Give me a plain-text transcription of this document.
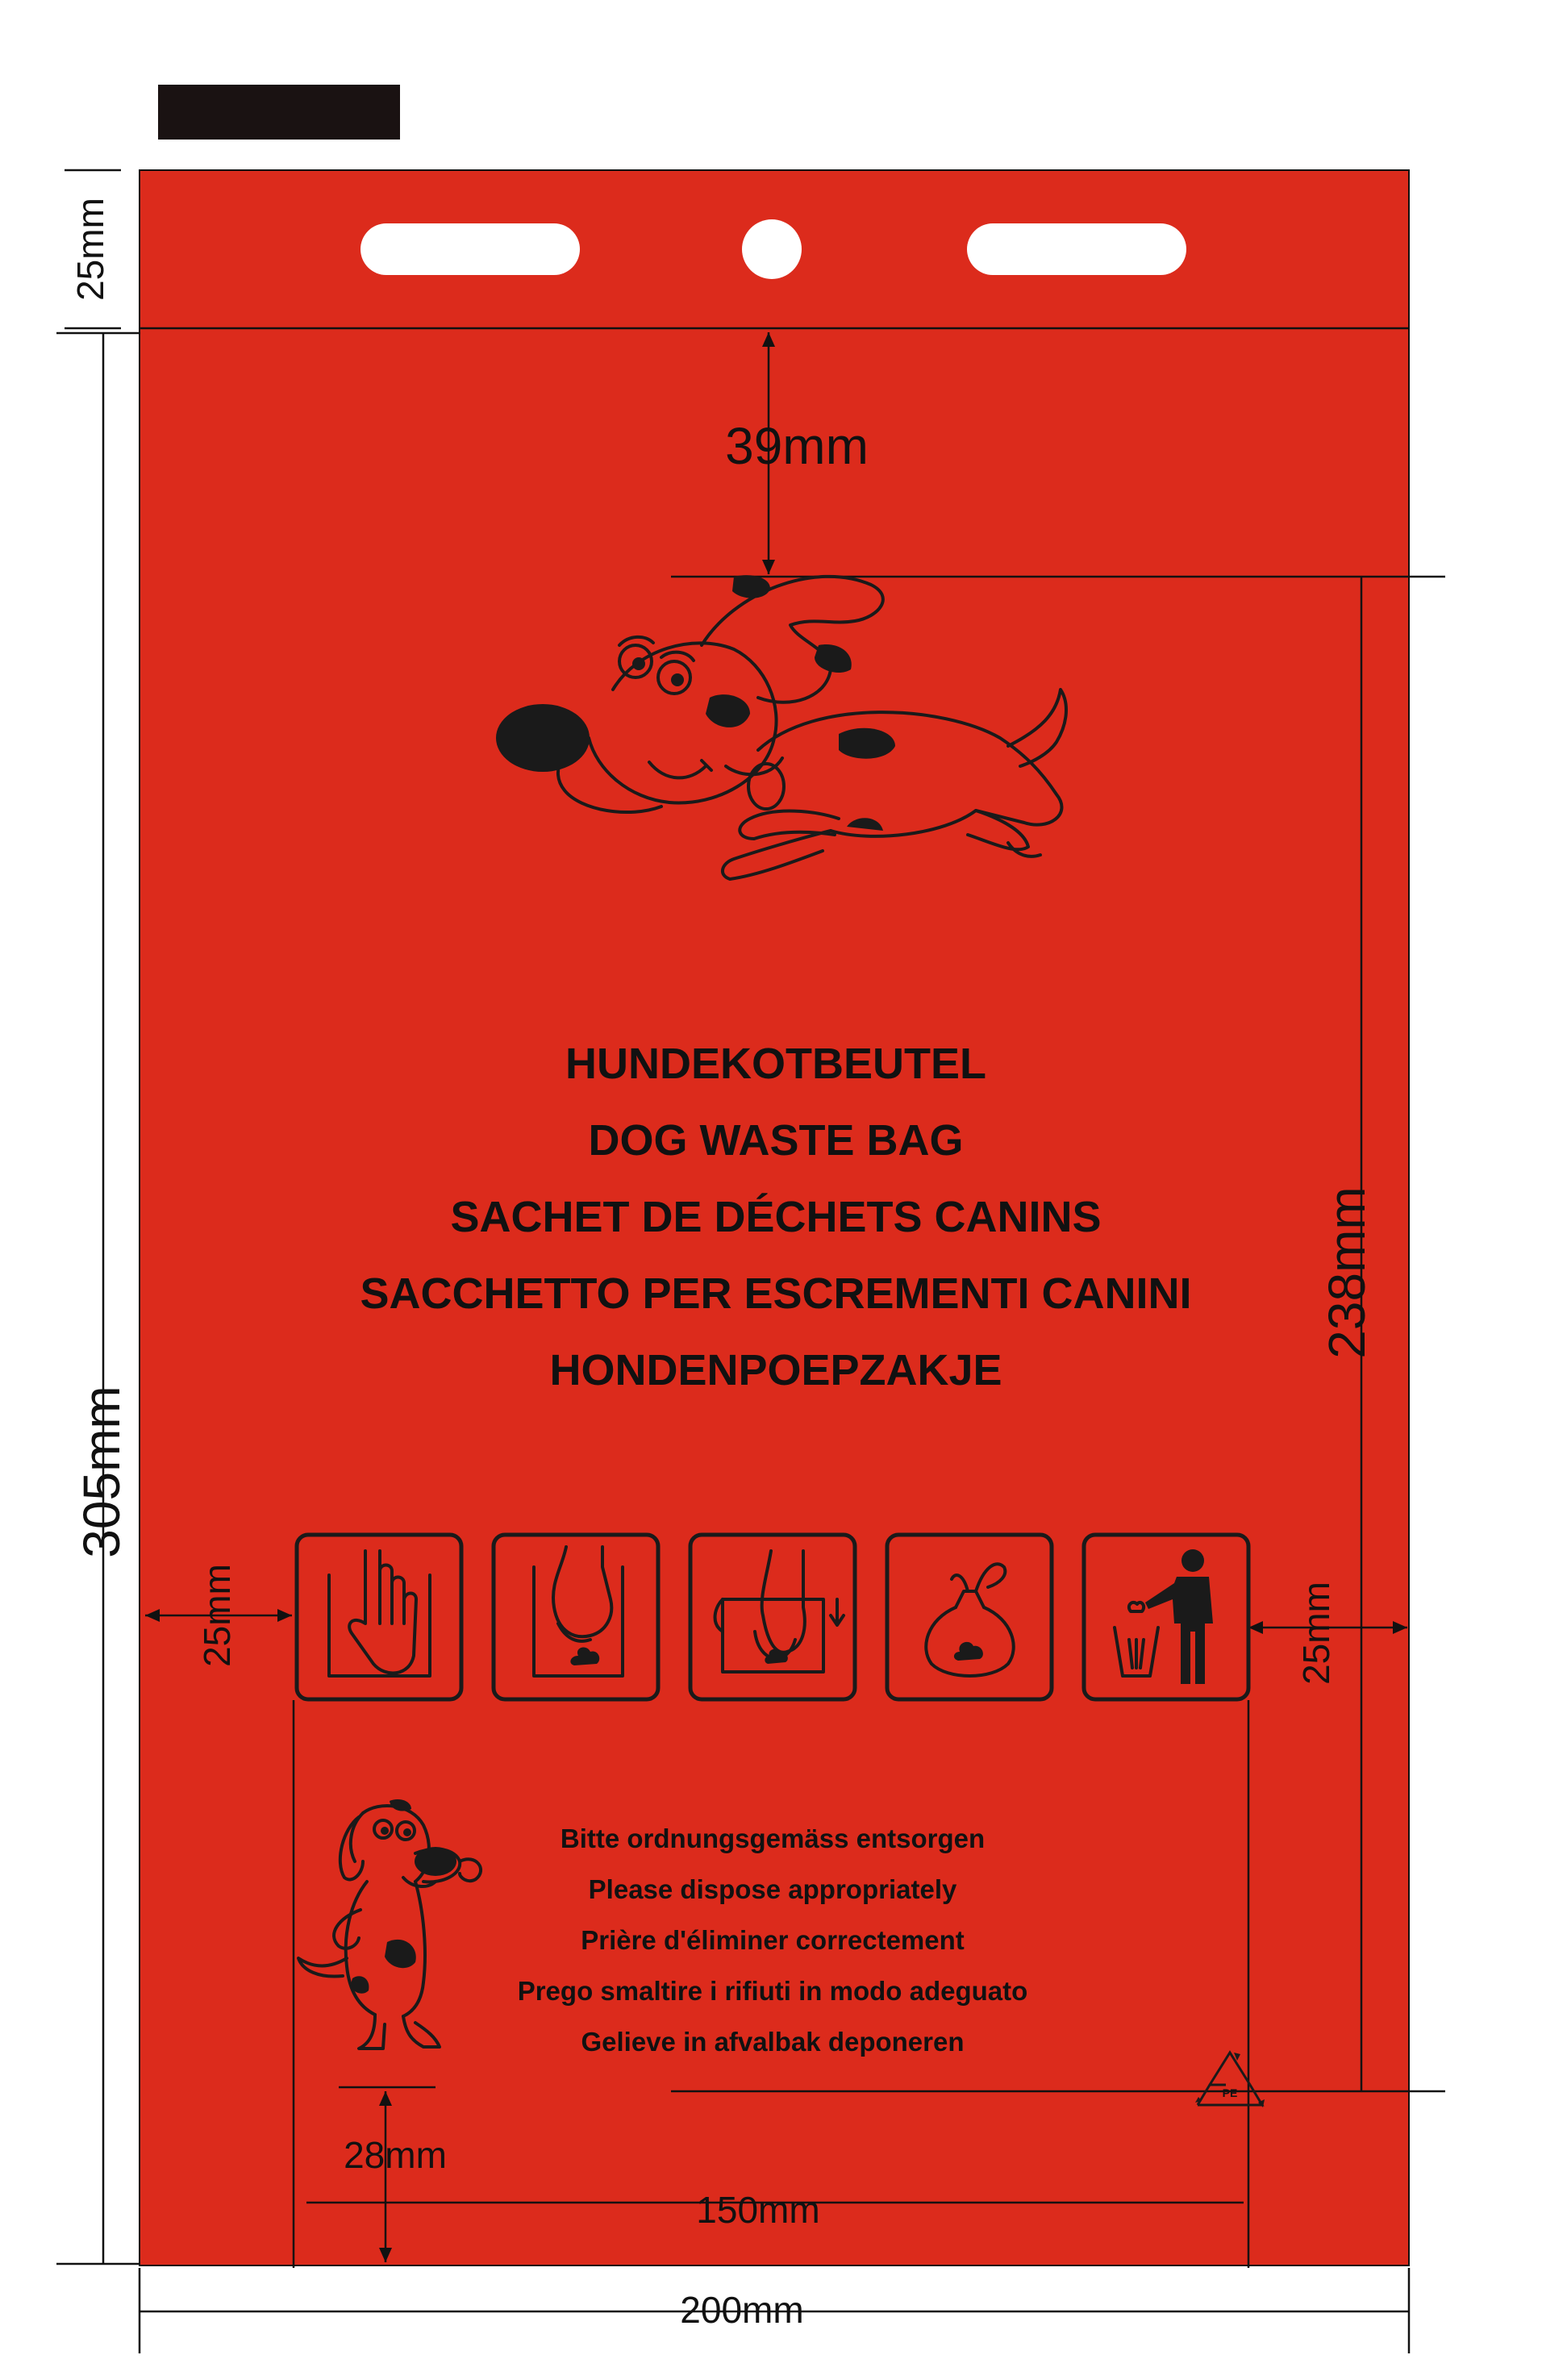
25mm
39mm
238mm
305mm
25mm	25mm
28mm
150mm
200mm
HUNDEKOTBEUTEL
DOG WASTE BAG
SACHET DE DÉCHETS CANINS
SACCHETTO PER ESCREMENTI CANINI
HONDENPOEPZAKJE
Bitte ordnungsgemäss entsorgen
Please dispose appropriately
Prière d'éliminer correctement
Prego smaltire i rifiuti in modo adeguato
Gelieve in afvalbak deponeren
PE
